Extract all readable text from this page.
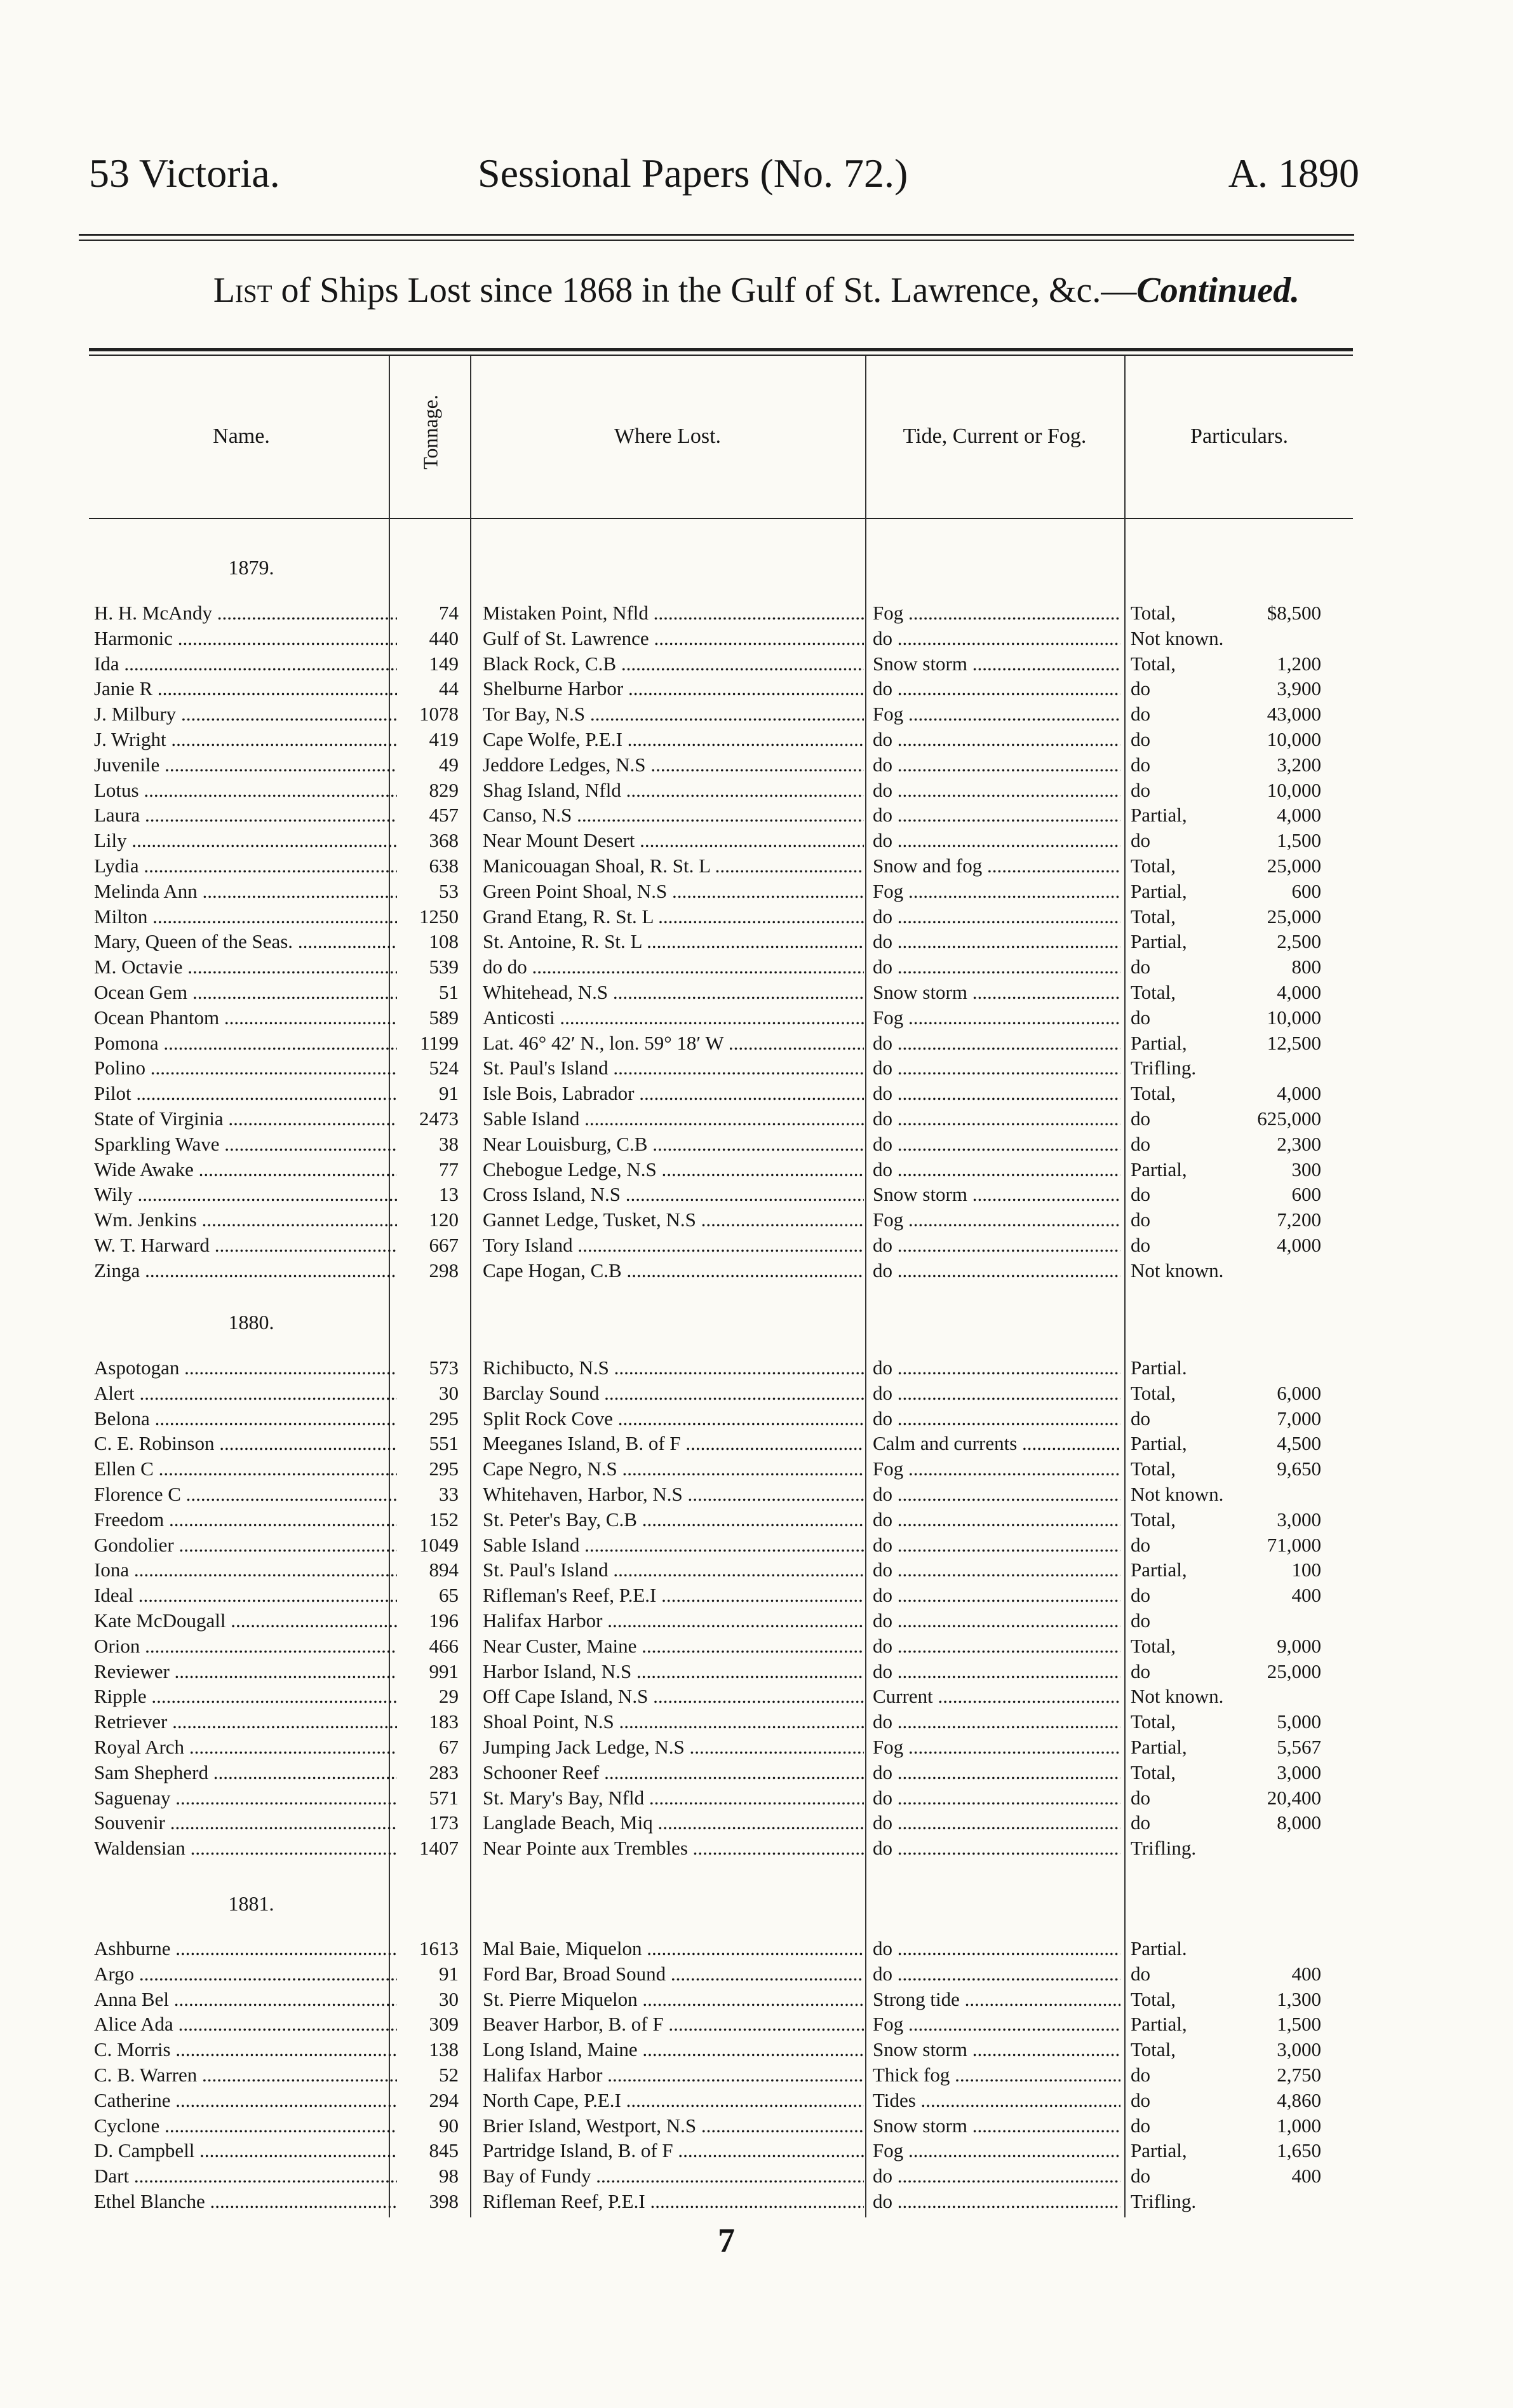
53 Victoria.	Sessional Papers (No. 72.)	A. 1890
List of Ships Lost since 1868 in the Gulf of St. Lawrence, &c.—Continued.
Name.	Tonnage.	Where Lost.	Tide, Current or Fog.	Particulars.
1879.
H. H. McAndy .....	74 Mistaken Point, Nfld .....	Fog .....	Total,	$8,500
Harmonic .....	440 Gulf of St. Lawrence .....	do .....	Not known.
Ida .....	149 Black Rock, C.B .....	Snow storm .....	Total,	1,200
Janie R .....	44 Shelburne Harbor .....	do .....	do	3,900
J. Milbury .....	1078 Tor Bay, N.S .....	Fog .....	do	43,000
J. Wright .....	419 Cape Wolfe, P.E.I .....	do .....	do	10,000
Juvenile .....	49 Jeddore Ledges, N.S .....	do .....	do	3,200
Lotus .....	829 Shag Island, Nfld .....	do .....	do	10,000
Laura .....	457 Canso, N.S .....	do .....	Partial,	4,000
Lily .....	368 Near Mount Desert .....	do .....	do	1,500
Lydia .....	638 Manicouagan Shoal, R. St. L .....	Snow and fog .....	Total,	25,000
Melinda Ann .....	53 Green Point Shoal, N.S .....	Fog .....	Partial,	600
Milton .....	1250 Grand Etang, R. St. L .....	do .....	Total,	25,000
Mary, Queen of the Seas. .....	108 St. Antoine, R. St. L .....	do .....	Partial,	2,500
M. Octavie .....	539 do do .....	do .....	do	800
Ocean Gem .....	51 Whitehead, N.S .....	Snow storm .....	Total,	4,000
Ocean Phantom .....	589 Anticosti .....	Fog .....	do	10,000
Pomona .....	1199 Lat. 46° 42′ N., lon. 59° 18′ W .....	do .....	Partial,	12,500
Polino .....	524 St. Paul's Island .....	do .....	Trifling.
Pilot .....	91 Isle Bois, Labrador .....	do .....	Total,	4,000
State of Virginia .....	2473 Sable Island .....	do .....	do	625,000
Sparkling Wave .....	38 Near Louisburg, C.B .....	do .....	do	2,300
Wide Awake .....	77 Chebogue Ledge, N.S .....	do .....	Partial,	300
Wily .....	13 Cross Island, N.S .....	Snow storm .....	do	600
Wm. Jenkins .....	120 Gannet Ledge, Tusket, N.S .....	Fog .....	do	7,200
W. T. Harward .....	667 Tory Island .....	do .....	do	4,000
Zinga .....	298 Cape Hogan, C.B .....	do .....	Not known.
1880.
Aspotogan .....	573 Richibucto, N.S .....	do .....	Partial.
Alert .....	30 Barclay Sound .....	do .....	Total,	6,000
Belona .....	295 Split Rock Cove .....	do .....	do	7,000
C. E. Robinson .....	551 Meeganes Island, B. of F .....	Calm and currents .....	Partial,	4,500
Ellen C .....	295 Cape Negro, N.S .....	Fog .....	Total,	9,650
Florence C .....	33 Whitehaven, Harbor, N.S .....	do .....	Not known.
Freedom .....	152 St. Peter's Bay, C.B .....	do .....	Total,	3,000
Gondolier .....	1049 Sable Island .....	do .....	do	71,000
Iona .....	894 St. Paul's Island .....	do .....	Partial,	100
Ideal .....	65 Rifleman's Reef, P.E.I .....	do .....	do	400
Kate McDougall .....	196 Halifax Harbor .....	do .....	do
Orion .....	466 Near Custer, Maine .....	do .....	Total,	9,000
Reviewer .....	991 Harbor Island, N.S .....	do .....	do	25,000
Ripple .....	29 Off Cape Island, N.S .....	Current .....	Not known.
Retriever .....	183 Shoal Point, N.S .....	do .....	Total,	5,000
Royal Arch .....	67 Jumping Jack Ledge, N.S .....	Fog .....	Partial,	5,567
Sam Shepherd .....	283 Schooner Reef .....	do .....	Total,	3,000
Saguenay .....	571 St. Mary's Bay, Nfld .....	do .....	do	20,400
Souvenir .....	173 Langlade Beach, Miq .....	do .....	do	8,000
Waldensian .....	1407 Near Pointe aux Trembles .....	do .....	Trifling.
1881.
Ashburne .....	1613 Mal Baie, Miquelon .....	do .....	Partial.
Argo .....	91 Ford Bar, Broad Sound .....	do .....	do	400
Anna Bel .....	30 St. Pierre Miquelon .....	Strong tide .....	Total,	1,300
Alice Ada .....	309 Beaver Harbor, B. of F .....	Fog .....	Partial,	1,500
C. Morris .....	138 Long Island, Maine .....	Snow storm .....	Total,	3,000
C. B. Warren .....	52 Halifax Harbor .....	Thick fog .....	do	2,750
Catherine .....	294 North Cape, P.E.I .....	Tides .....	do	4,860
Cyclone .....	90 Brier Island, Westport, N.S .....	Snow storm .....	do	1,000
D. Campbell .....	845 Partridge Island, B. of F .....	Fog .....	Partial,	1,650
Dart .....	98 Bay of Fundy .....	do .....	do	400
Ethel Blanche .....	398 Rifleman Reef, P.E.I .....	do .....	Trifling.
7
